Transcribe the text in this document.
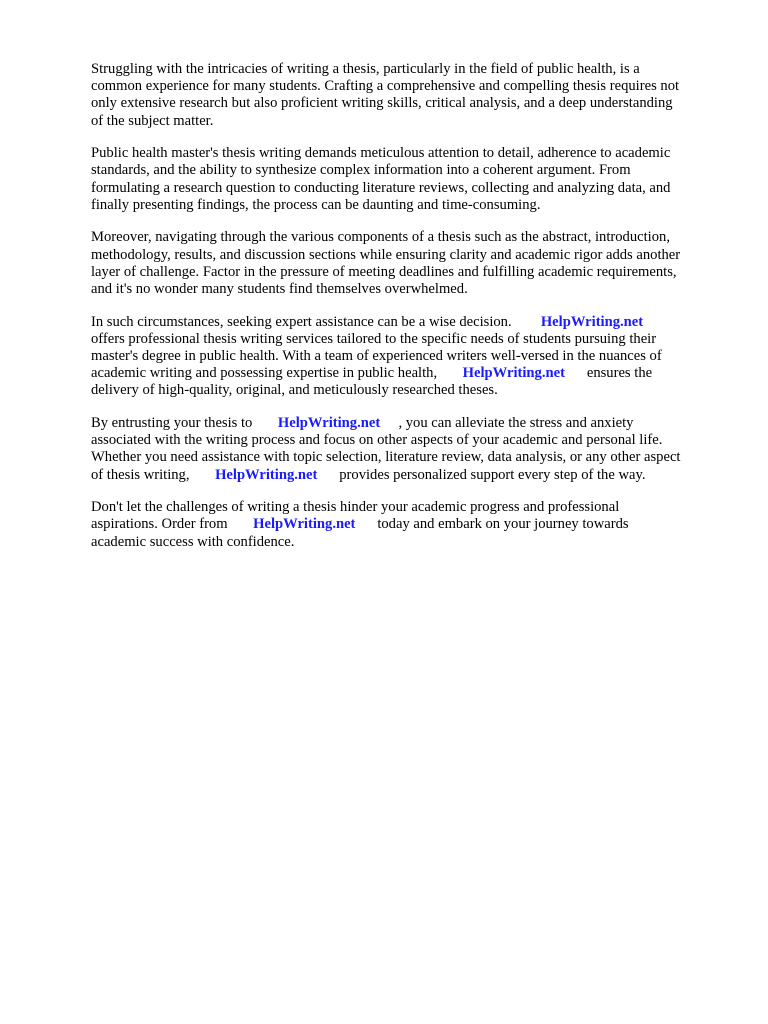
Struggling with the intricacies of writing a thesis, particularly in the field of public health, is a
common experience for many students. Crafting a comprehensive and compelling thesis requires not
only extensive research but also proficient writing skills, critical analysis, and a deep understanding
of the subject matter.

Public health master's thesis writing demands meticulous attention to detail, adherence to academic
standards, and the ability to synthesize complex information into a coherent argument. From
formulating a research question to conducting literature reviews, collecting and analyzing data, and
finally presenting findings, the process can be daunting and time-consuming.

Moreover, navigating through the various components of a thesis such as the abstract, introduction,
methodology, results, and discussion sections while ensuring clarity and academic rigor adds another
layer of challenge. Factor in the pressure of meeting deadlines and fulfilling academic requirements,
and it's no wonder many students find themselves overwhelmed.

In such circumstances, seeking expert assistance can be a wise decision. HelpWriting.net
offers professional thesis writing services tailored to the specific needs of students pursuing their
master's degree in public health. With a team of experienced writers well-versed in the nuances of
academic writing and possessing expertise in public health, HelpWriting.net ensures the
delivery of high-quality, original, and meticulously researched theses.

By entrusting your thesis to HelpWriting.net , you can alleviate the stress and anxiety
associated with the writing process and focus on other aspects of your academic and personal life.
Whether you need assistance with topic selection, literature review, data analysis, or any other aspect
of thesis writing, HelpWriting.net provides personalized support every step of the way.

Don't let the challenges of writing a thesis hinder your academic progress and professional
aspirations. Order from HelpWriting.net today and embark on your journey towards
academic success with confidence.
